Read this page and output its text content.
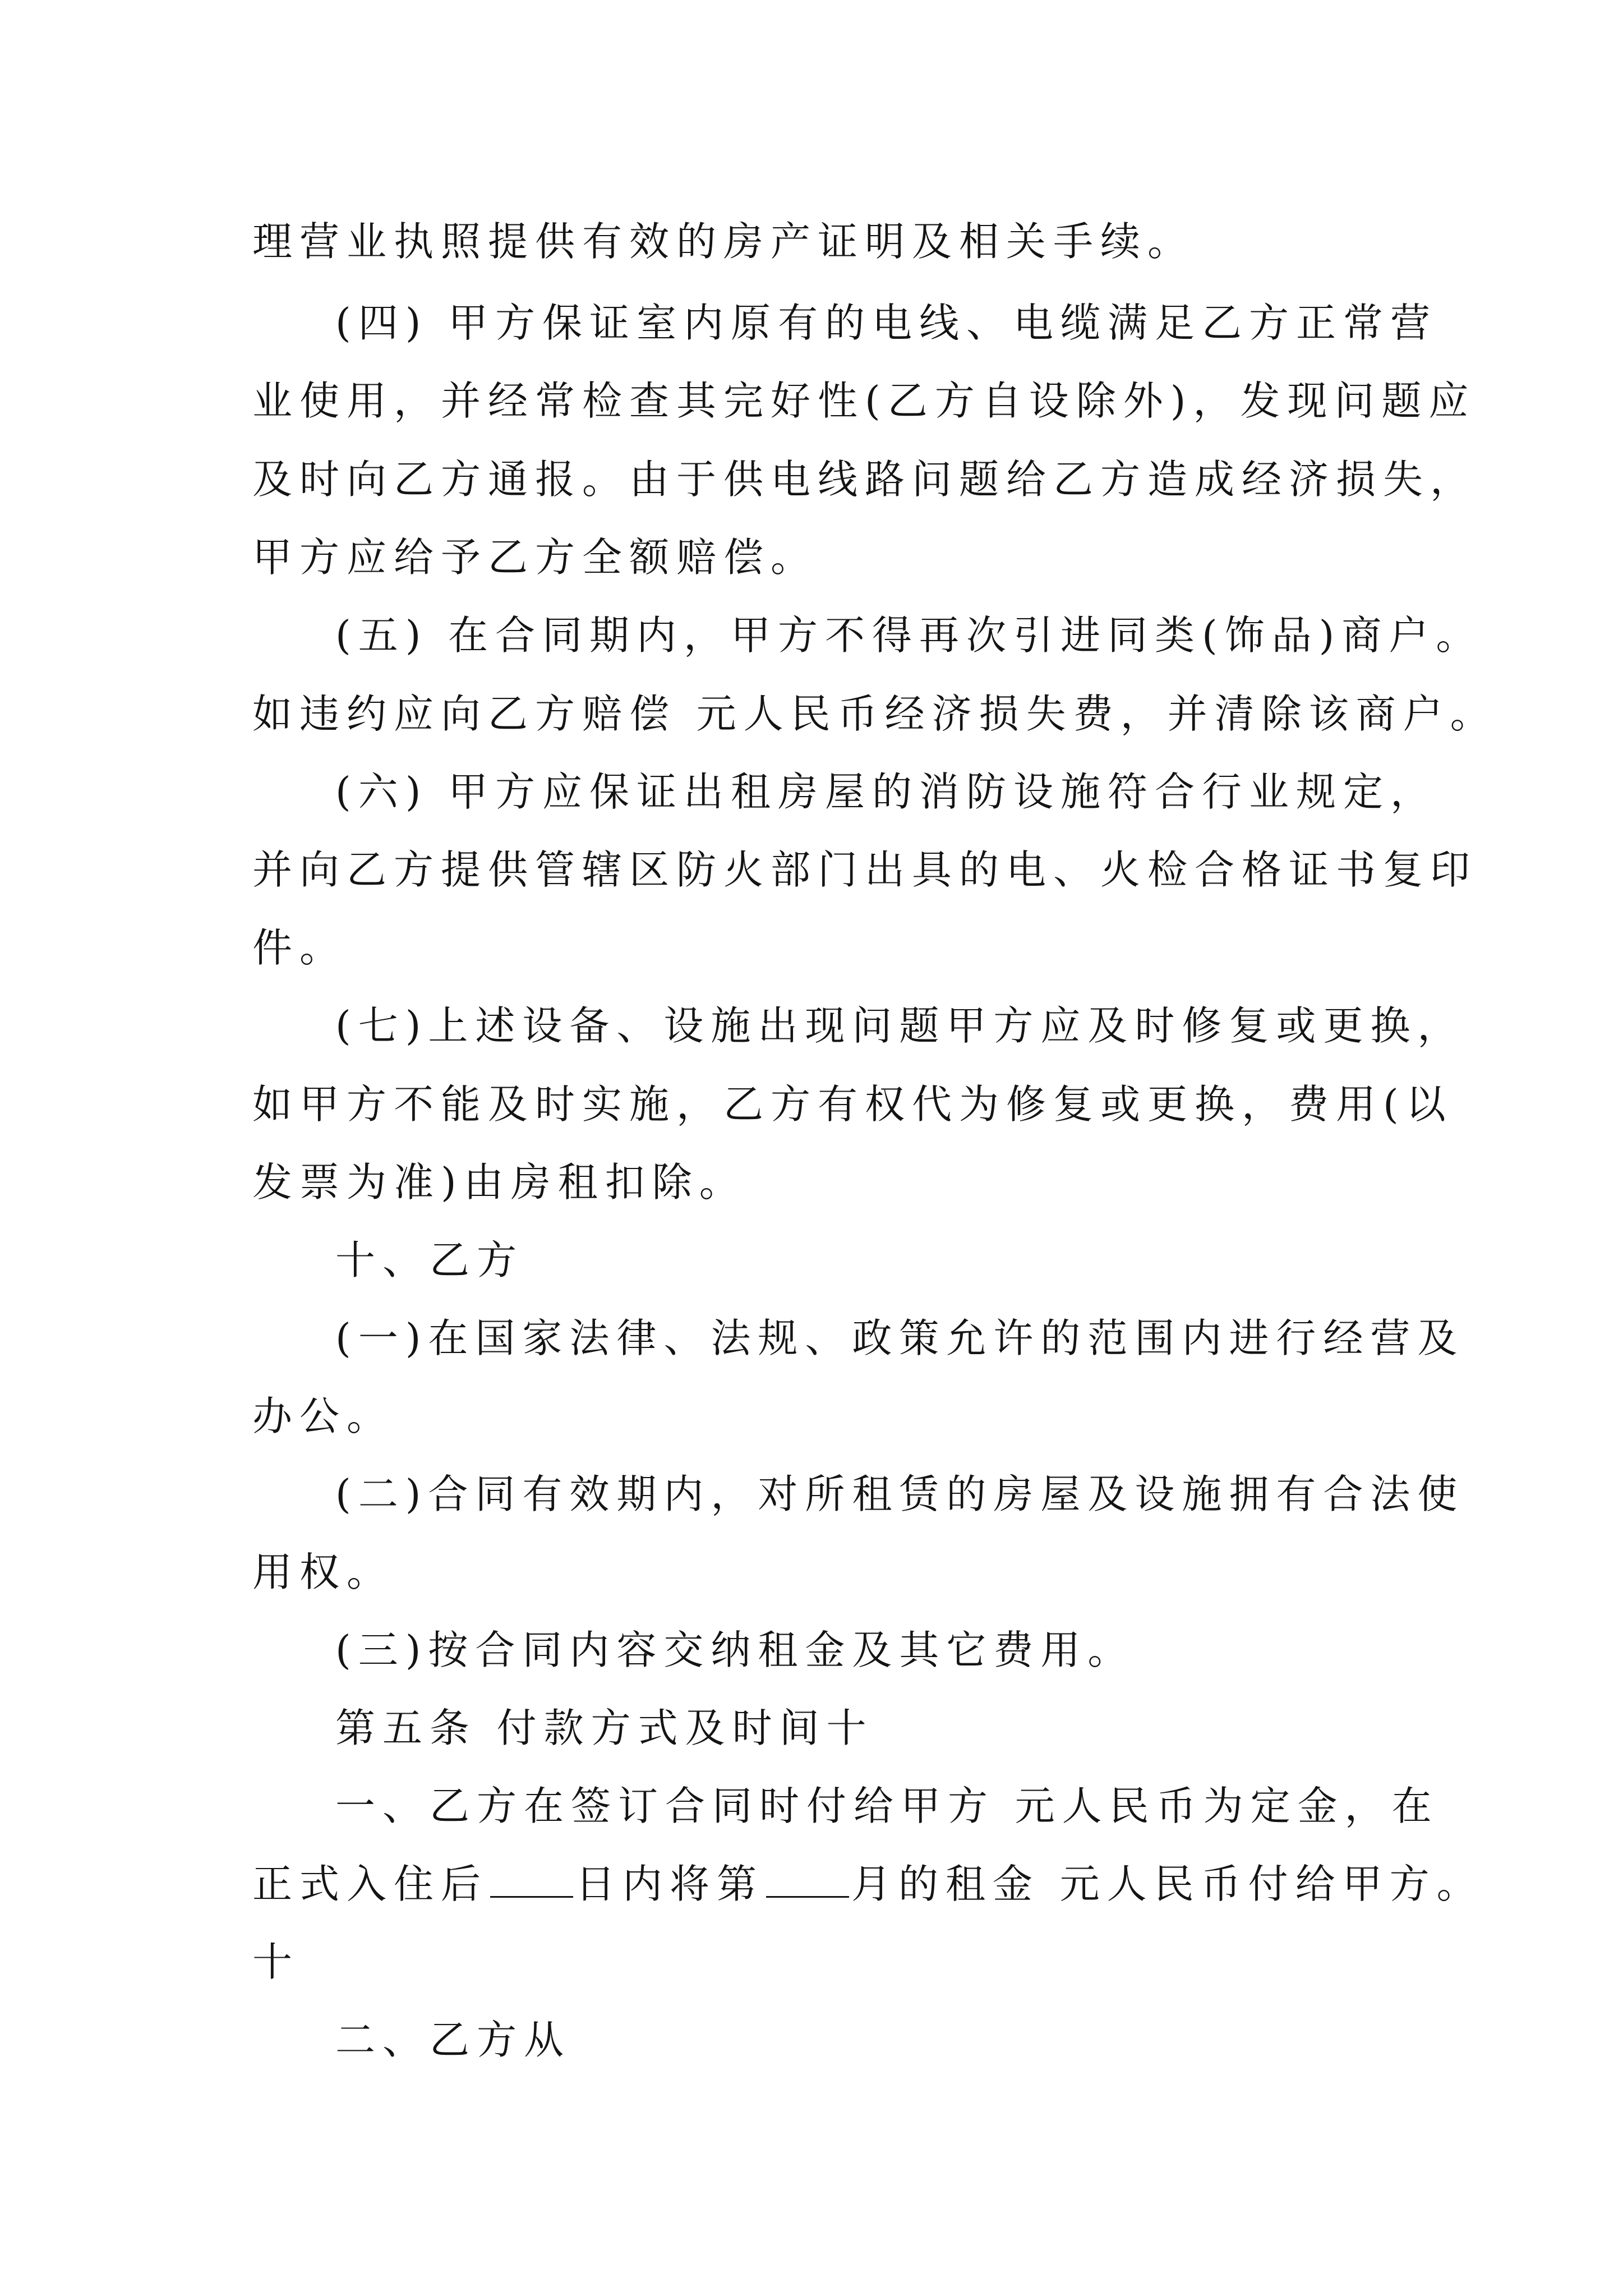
理营业执照提供有效的房产证明及相关手续。

(四) 甲方保证室内原有的电线、电缆满足乙方正常营

业使用，并经常检查其完好性(乙方自设除外)，发现问题应

及时向乙方通报。由于供电线路问题给乙方造成经济损失，

甲方应给予乙方全额赔偿。

(五) 在合同期内，甲方不得再次引进同类(饰品)商户。

如违约应向乙方赔偿 元人民币经济损失费，并清除该商户。

(六) 甲方应保证出租房屋的消防设施符合行业规定，

并向乙方提供管辖区防火部门出具的电、火检合格证书复印

件。

(七)上述设备、设施出现问题甲方应及时修复或更换，

如甲方不能及时实施，乙方有权代为修复或更换，费用(以

发票为准)由房租扣除。

十、乙方

(一)在国家法律、法规、政策允许的范围内进行经营及

办公。

(二)合同有效期内，对所租赁的房屋及设施拥有合法使

用权。

(三)按合同内容交纳租金及其它费用。

第五条 付款方式及时间十

一、乙方在签订合同时付给甲方 元人民币为定金，在

正式入住后 日内将第 月的租金 元人民币付给甲方。

十

二、乙方从
